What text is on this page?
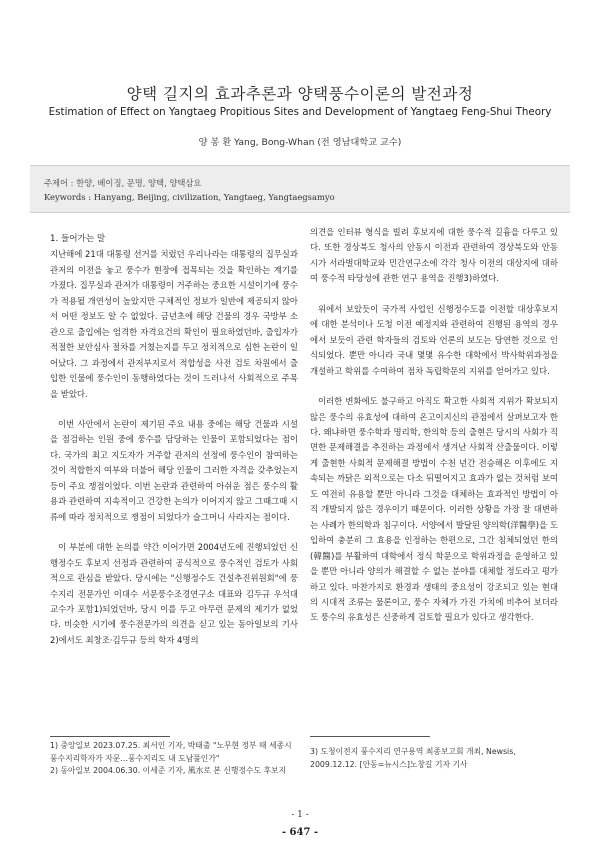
양택 길지의 효과추론과 양택풍수이론의 발전과정
Estimation of Effect on Yangtaeg Propitious Sites and Development of Yangtaeg Feng-Shui Theory
양 봉 환 Yang, Bong-Whan (전 영남대학교 교수)
주제어 : 한양, 베이징, 문명, 양택, 양택삼요
Keywords : Hanyang, Beijing, civilization, Yangtaeg, Yangtaegsamyo

1. 들어가는 말

지난해에 21대 대통령 선거를 치렀던 우리나라는 대통령의 집무실과 관저의 이전을 놓고 풍수가 현장에 접목되는 것을 확인하는 계기를 가졌다. 집무실과 관저가 대통령이 거주하는 중요한 시설이기에 풍수가 적용될 개연성이 높았지만 구체적인 정보가 일반에 제공되지 않아서 어떤 정보도 알 수 없었다. 금년초에 해당 건물의 경우 국방부 소관으로 출입에는 엄격한 자격요건의 확인이 필요하였던바, 출입자가 적절한 보안심사 절차를 거쳤는지를 두고 정치적으로 심한 논란이 일어났다. 그 과정에서 관저부지로서 적합성을 사전 검토 차원에서 출입한 인물에 풍수인이 동행하였다는 것이 드러나서 사회적으로 주목을 받았다.

이번 사안에서 논란이 제기된 주요 내용 중에는 해당 건물과 시설을 점검하는 인원 중에 풍수를 담당하는 인물이 포함되었다는 점이다. 국가의 최고 지도자가 거주할 관저의 선정에 풍수인이 참여하는 것이 적합한지 여부와 더불어 해당 인물이 그러한 자격을 갖추었는지 등이 주요 쟁점이었다. 이번 논란과 관련하여 아쉬운 점은 풍수의 활용과 관련하여 지속적이고 건강한 논의가 이어지지 않고 그때그때 시류에 따라 정치적으로 쟁점이 되었다가 슬그머니 사라지는 점이다.

이 부분에 대한 논의를 약간 이어가면 2004년도에 진행되었던 신행정수도 후보지 선정과 관련하여 공식적으로 풍수적인 검토가 사회적으로 관심을 받았다. 당시에는 "신행정수도 건설추진위원회"에 풍수지리 전문가인 이대수 서문풍수조경연구소 대표와 김두규 우석대 교수가 포함1)되었던바, 당시 이를 두고 아무런 문제의 제기가 없었다. 비슷한 시기에 풍수전문가의 의견을 싣고 있는 동아일보의 기사2)에서도 최창조·김두규 등의 학자 4명의

의견을 인터뷰 형식을 빌려 후보지에 대한 풍수적 길흉을 다루고 있다. 또한 경상북도 청사의 안동시 이전과 관련하여 경상북도와 안동시가 서라벌대학교와 민간연구소에 각각 청사 이전의 대상지에 대하여 풍수적 타당성에 관한 연구 용역을 진행3)하였다.

위에서 보았듯이 국가적 사업인 신행정수도를 이전할 대상후보지에 대한 분석이나 도청 이전 예정지와 관련하여 진행된 용역의 경우에서 보듯이 관련 학자들의 검토와 언론의 보도는 당연한 것으로 인식되었다. 뿐만 아니라 국내 몇몇 유수한 대학에서 박사학위과정을 개설하고 학위를 수여하여 점차 독립학문의 지위를 얻어가고 있다.

이러한 변화에도 불구하고 아직도 확고한 사회적 지위가 확보되지 않은 풍수의 유효성에 대하여 온고이지신의 관점에서 살펴보고자 한다. 왜냐하면 풍수학과 명리학, 한의학 등의 출현은 당시의 사회가 직면한 문제해결을 추진하는 과정에서 생겨난 사회적 산출물이다. 이렇게 출현한 사회적 문제해결 방법이 수천 년간 전승해온 이후에도 지속되는 까닭은 외적으로는 다소 뒤떨어지고 효과가 없는 것처럼 보여도 여전히 유용할 뿐만 아니라 그것을 대체하는 효과적인 방법이 아직 개발되지 않은 경우이기 때문이다. 이러한 상황을 가장 잘 대변하는 사례가 한의학과 침구이다. 서양에서 발달된 양의학(洋醫學)을 도입하여 충분히 그 효용을 인정하는 한편으로, 그간 침체되었던 한의(韓醫)를 부활하여 대학에서 정식 학문으로 학위과정을 운영하고 있을 뿐만 아니라 양의가 해결할 수 없는 분야를 대체할 정도라고 평가하고 있다. 마찬가지로 환경과 생태의 중요성이 강조되고 있는 현대의 시대적 조류는 물론이고, 풍수 자체가 가진 가치에 비추어 보더라도 풍수의 유효성은 신중하게 검토할 필요가 있다고 생각한다.

1) 중앙일보 2023.07.25. 최서인 기자, 박태출 "노무현 정부 때 세종시 풍수지리학자가 자문…풍수지리도 내 도남풀인가"
2) 동아일보 2004.06.30. 이세준 기자, 風水로 본 신행정수도 후보지
3) 도청이전지 풍수지리 연구용역 최종보고회 개최, Newsis, 2009.12.12. [안동=뉴시스]노창길 기자 기사
- 1 -
- 647 -
